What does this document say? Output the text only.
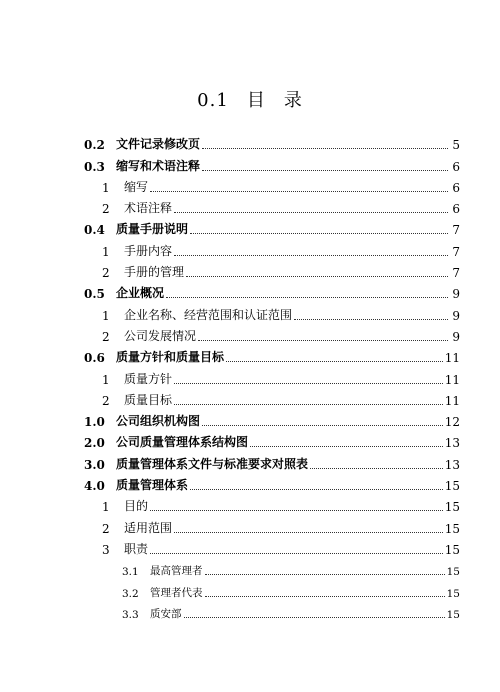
0.1 目 录
0.2 文件记录修改页	5
0.3 缩写和术语注释	6
1	缩写	6
2	术语注释	6
0.4 质量手册说明	7
1	手册内容	7
2	手册的管理	7
0.5 企业概况	9
1	企业名称、经营范围和认证范围	9
2	公司发展情况	9
0.6 质量方针和质量目标	11
1	质量方针	11
2	质量目标	11
1.0 公司组织机构图	12
2.0 公司质量管理体系结构图	13
3.0 质量管理体系文件与标准要求对照表	13
4.0 质量管理体系	15
1	目的	15
2	适用范围	15
3	职责	15
3.1	最高管理者	15
3.2	管理者代表	15
3.3	质安部	15
